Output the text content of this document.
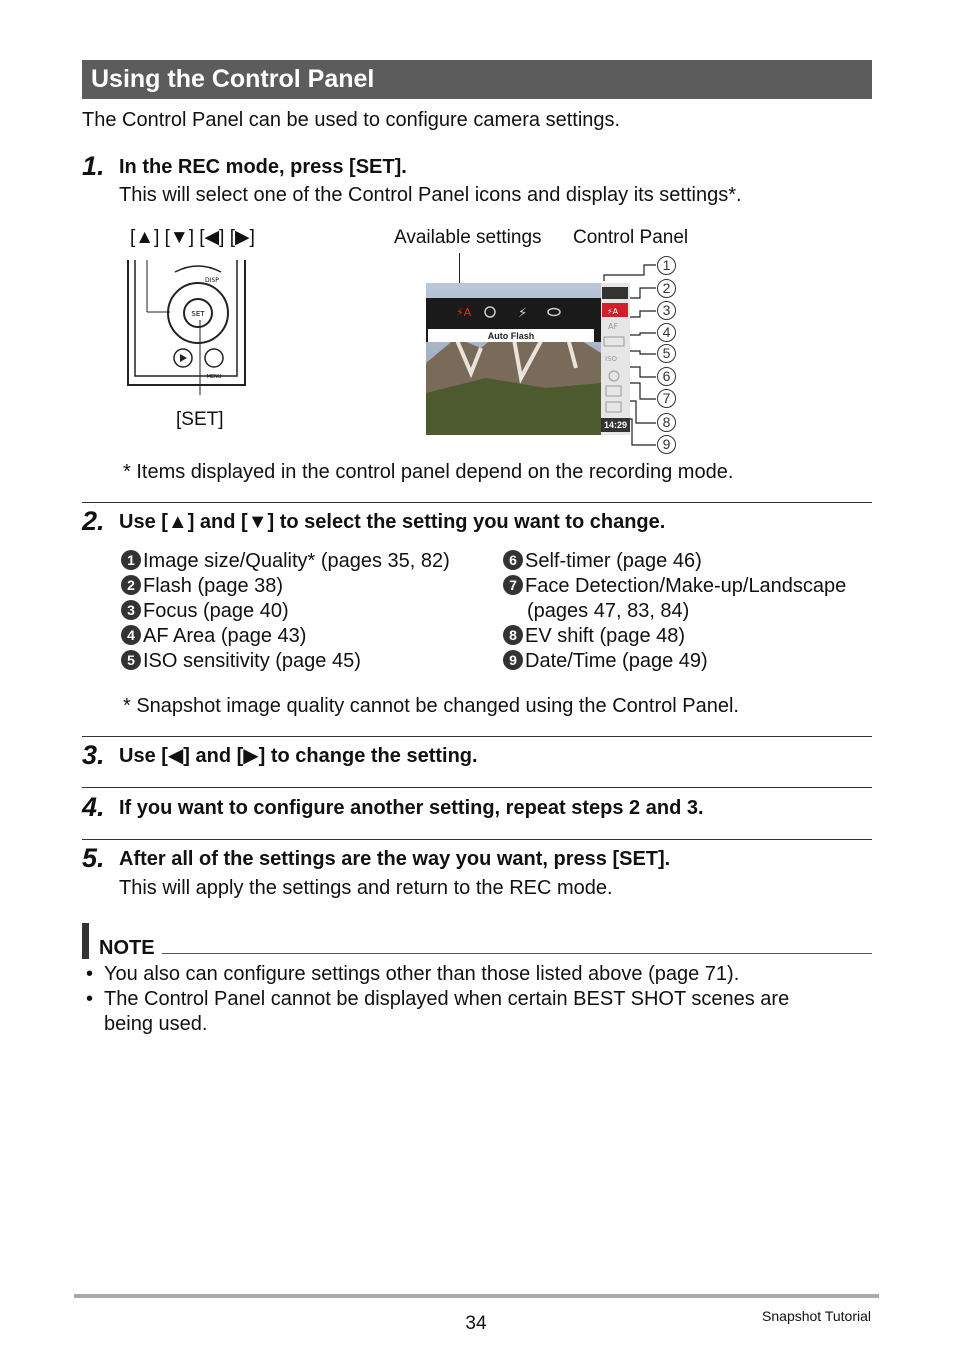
Using the Control Panel
The Control Panel can be used to configure camera settings.
1. In the REC mode, press [SET].
This will select one of the Control Panel icons and display its settings*.
[▲] [▼] [◀] [▶]
SET
DISP
MENU
[SET]
Available settings Control Panel
⚡A	⚡	⚡A
AF
ISO
Auto Flash
14:29
1
2
3
4
5
6
7
8
9
* Items displayed in the control panel depend on the recording mode.
2. Use [▲] and [▼] to select the setting you want to change.
1 Image size/Quality* (pages 35, 82)
2 Flash (page 38)
3 Focus (page 40)
4 AF Area (page 43)
5 ISO sensitivity (page 45)
6 Self-timer (page 46)
7 Face Detection/Make-up/Landscape
(pages 47, 83, 84)
8 EV shift (page 48)
9 Date/Time (page 49)
* Snapshot image quality cannot be changed using the Control Panel.
3. Use [◀] and [▶] to change the setting.
4. If you want to configure another setting, repeat steps 2 and 3.
5. After all of the settings are the way you want, press [SET].
This will apply the settings and return to the REC mode.
NOTE
• You also can configure settings other than those listed above (page 71).
• The Control Panel cannot be displayed when certain BEST SHOT scenes are
being used.
34	Snapshot Tutorial
